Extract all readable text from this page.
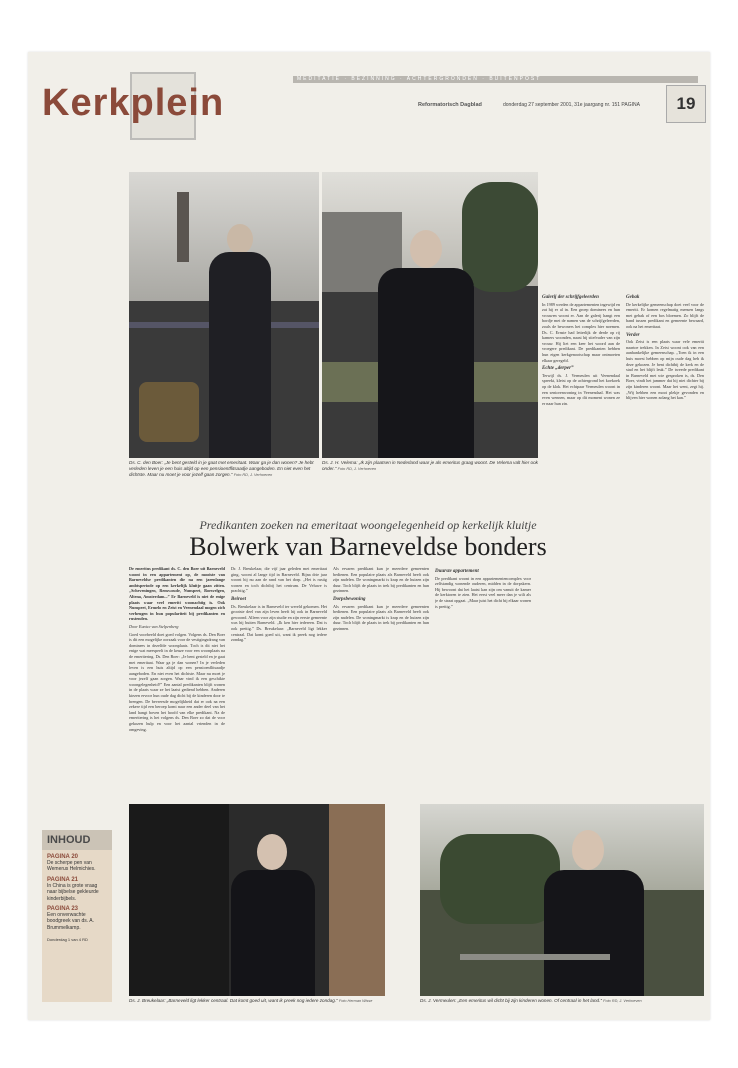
Kerkplein
MEDITATIE · BEZINNING · ACHTERGRONDEN · BUITENPOST
Reformatorisch Dagblad	donderdag 27 september 2001, 31e jaargang nr. 151 PAGINA	19
Ds. C. den Boer: „Je bent gesteld in je gaat met emeritaat. Waar ga je dan wonen? Je hebt verleden leven je een huis altijd op een pensioentflitsaadje aangeboden. En niet even het dichtste. Maar nu moet je voor jezelf gaan zorgen.” Foto RD, J. Verhoeven
Ds. J. H. Velema: „Ik zijn plaatsen in Nederland waar je als emeritus graag woont. De Velema valt hier ook onder.” Foto RD, J. Verhoeven
Predikanten zoeken na emeritaat woongelegenheid op kerkelijk kluitje
Bolwerk van Barneveldse bonders
De emeritus predikant ds. C. den Boer uit Barneveld woont in een appartement op, de mooiste van Barneveldse predikanten die na een jarenlange ambtsperiode op een kerkelijk kluitje gaan zitten. „Scheveningen, Renswoude, Nunspeet, Boesvelgen, Altena, Amsterdam...” Er Barneveld is niet de enige plaats waar veel emeriti woonachtig is. Ook Nunspeet, Ermelo en Zeist en Veenendaal mogen zich verheugen in hun populariteit bij predikanten en rustenden.
Door Eunice van Stelpenberg
Goed voorbeeld doet goed volgen. Volgens ds. Den Boer is dit een mogelijke oorzaak voor de vestigingsdrang van dominees in dezelfde woonplaats. Toch is dit niet het enige wat meespeelt in de keuze voor een woonplaats na de emeritering. Ds. Den Boer: „Je bent gesteld en je gaat met emeritaat. Waar ga je dan wonen? In je verleden leven is een huis altijd op een pensioenflitsaadje aangeboden. En niet even het dichtste. Maar nu moet je voor jezelf gaan zorgen. Waar vind ik een geschikte woongelegenheid?” Een aantal predikanten blijft wonen in de plaats waar ze het laatst gediend hebben. Anderen kiezen ervoor hun oude dag dicht bij de kinderen door te brengen. De bevreesde mogelijkheid dat er ook na een zekere tijd een beroep komt naar een ander deel van het land hangt boven het hoofd van elke predikant. Na de emeritering is het volgens ds. Den Boer zo dat de voor gekozen hulp en voor het aantal vrienden in de omgeving.
Dr. J. Breukelaar, die vijf jaar geleden met emeritaat ging, woont al lange tijd in Barneveld. Bijna drie jaar woont hij nu aan de rand van het dorp. „Het is rustig wonen en toch dichtbij het centrum. De Veluwe is prachtig.”
Beiroet
Ds. Breukelaar is in Barneveld ter wereld gekomen. Het grootste deel van zijn leven heeft hij ook in Barneveld gewoond. Alleen voor zijn studie en zijn eerste gemeente was hij buiten Barneveld. „Ik ken hier iedereen. Dat is ook prettig.” Ds. Breukelaar: „Barneveld ligt lekker centraal. Dat komt goed uit, want ik preek nog iedere zondag.”
Als ervaren predikant kun je meerdere gemeenten bedienen. Een populaire plaats als Barneveld heeft ook zijn nadelen. De woningmarkt is krap en de huizen zijn duur. Toch blijft de plaats in trek bij predikanten en hun gezinnen.
Dorpsbewoning
Als ervaren predikant kun je meerdere gemeenten bedienen. Een populaire plaats als Barneveld heeft ook zijn nadelen. De woningmarkt is krap en de huizen zijn duur. Toch blijft de plaats in trek bij predikanten en hun gezinnen.
Duurste appartement
De predikant woont in een appartementencomplex voor zelfstandig wonende ouderen, midden in de dorpskern. Hij bewoont dat het laatst kan zijn om vanuit de kamer de kerktoren te zien. Het eerst veel meer dan je wilt als je de straat opgaat. „Maar juist het dicht bij elkaar wonen is prettig.”
Galerij der schrijfgeleerden
In 1989 werden de appartementen ingewijd en zat hij er al in. Een groep dominees en hun vrouwen woont er. Aan de galerij hangt een bordje met de namen van de schrijfgeleerden, zoals de bewoners het complex hier noemen. Ds. C. Ernste had letterlijk de derde op rij kamers woonden, naast hij stiefvader van zijn vrouw. Hij liet een keer het woord aan de vroegere predikant. De predikanten hebben hun eigen kerkgenootschap maar ontmoeten elkaar geregeld.
Echte „derper”
Terwijl ds. J. Vermeulen uit Veenendaal spreekt, kletst op de achtergrond het koekoek op de klok. Het echtpaar Vermeulen woont in een seniorenwoning in Veenendaal. Het was even wennen, maar op dit moment wonen ze er naar hun zin.
Gebak
De kerkelijke gemeenschap doet veel voor de emeriti. Er komen regelmatig mensen langs met gebak of een bos bloemen. Zo blijft de band tussen predikant en gemeente bewaard, ook na het emeritaat.
Verder
Ook Zeist is een plaats waar vele emeriti naartoe trekken. In Zeist woont ook van een aanhankelijke gemeenschap. „Toen ik in een huis moest hebben op mijn oude dag heb ik deze gekozen. Je bent dichtbij de kerk en de stad en het blijft leuk.” De tweede predikant in Barneveld met wie gesproken is, ds. Den Boer, vindt het jammer dat hij niet dichter bij zijn kinderen woont. Maar het went, zegt hij. „Wij hebben een mooi plekje gevonden en blijven hier wonen zolang het kan.”
INHOUD
PAGINA 20
De scherpe pen van Wemerus Helmichies.
PAGINA 21
In China is grote vraag naar bijbelse gekleurde kinderbijbels.
PAGINA 23
Een onverwachte boodgreek van ds. A. Brummelkamp.
Donderdag 1 van 4 RD
Ds. J. Breukelaar: „Barneveld ligt lekker centraal. Dat komt goed uit, want ik preek nog iedere zondag.” Foto Herman Wisse	Ds. J. Vermeulen: „Een emeritus wil dicht bij zijn kinderen wonen. Of centraal in het land.” Foto RD, J. Verhoeven
